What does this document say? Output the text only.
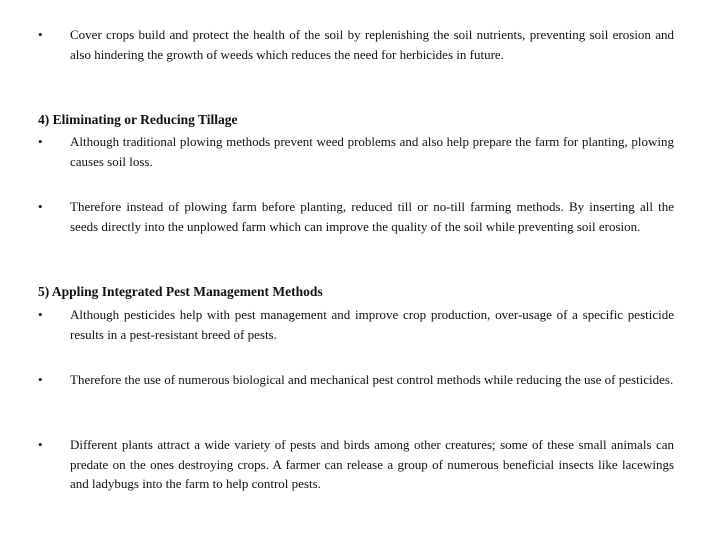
•	Cover crops build and protect the health of the soil by replenishing the soil nutrients, preventing soil erosion and also hindering the growth of weeds which reduces the need for herbicides in future.
4) Eliminating or Reducing Tillage
•	Although traditional plowing methods prevent weed problems and also help prepare the farm for planting, plowing causes soil loss.
•	Therefore instead of plowing farm before planting, reduced till or no-till farming methods. By inserting all the seeds directly into the unplowed farm which can improve the quality of the soil while preventing soil erosion.
5) Appling Integrated Pest Management Methods
•	Although pesticides help with pest management and improve crop production, over-usage of a specific pesticide results in a pest-resistant breed of pests.
•	Therefore the use of numerous biological and mechanical pest control methods while reducing the use of pesticides.
•	Different plants attract a wide variety of pests and birds among other creatures; some of these small animals can predate on the ones destroying crops. A farmer can release a group of numerous beneficial insects like lacewings and ladybugs into the farm to help control pests.
